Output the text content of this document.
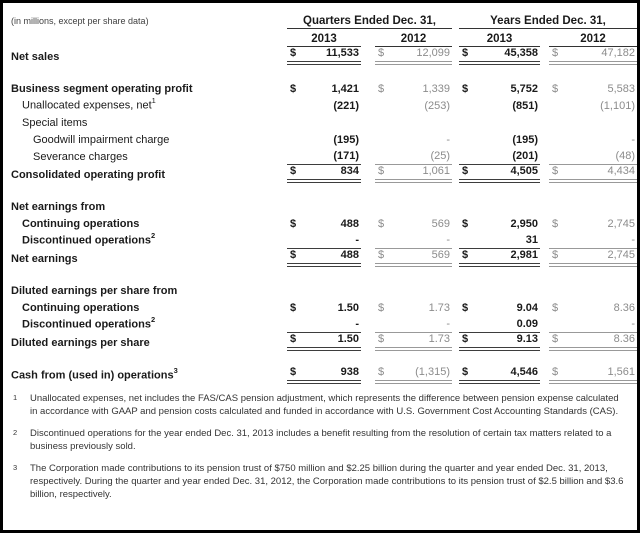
(in millions, except per share data)	Quarters Ended Dec. 31,	Years Ended Dec. 31,
2013	2012	2013	2012
Net sales	$	11,533 $	12,099 $	45,358 $	47,182
Business segment operating profit	$	1,421 $	1,339 $	5,752 $	5,583
Unallocated expenses, net$^1$	(221)	(253)	(851)	(1,101)
Special items
Goodwill impairment charge	(195)	-	(195)	-
Severance charges	(171)	(25)	(201)	(48)
Consolidated operating profit	$	834 $	1,061 $	4,505 $	4,434
Net earnings from
Continuing operations	$	488 $	569 $	2,950 $	2,745
Discontinued operations$^2$	-	-	31	-
Net earnings	$	488 $	569 $	2,981 $	2,745
Diluted earnings per share from
Continuing operations	$	1.50 $	1.73 $	9.04 $	8.36
Discontinued operations$^2$	-	-	0.09	-
Diluted earnings per share	$	1.50 $	1.73 $	9.13 $	8.36
Cash from (used in) operations$^3$	$	938 $	(1,315) $	4,546 $	1,561
1	Unallocated expenses, net includes the FAS/CAS pension adjustment, which represents the difference between pension expense calculated in accordance with GAAP and pension costs calculated and funded in accordance with U.S. Government Cost Accounting Standards (CAS).
2	Discontinued operations for the year ended Dec. 31, 2013 includes a benefit resulting from the resolution of certain tax matters related to a business previously sold.
3	The Corporation made contributions to its pension trust of $750 million and $2.25 billion during the quarter and year ended Dec. 31, 2013, respectively. During the quarter and year ended Dec. 31, 2012, the Corporation made contributions to its pension trust of $2.5 billion and $3.6 billion, respectively.
